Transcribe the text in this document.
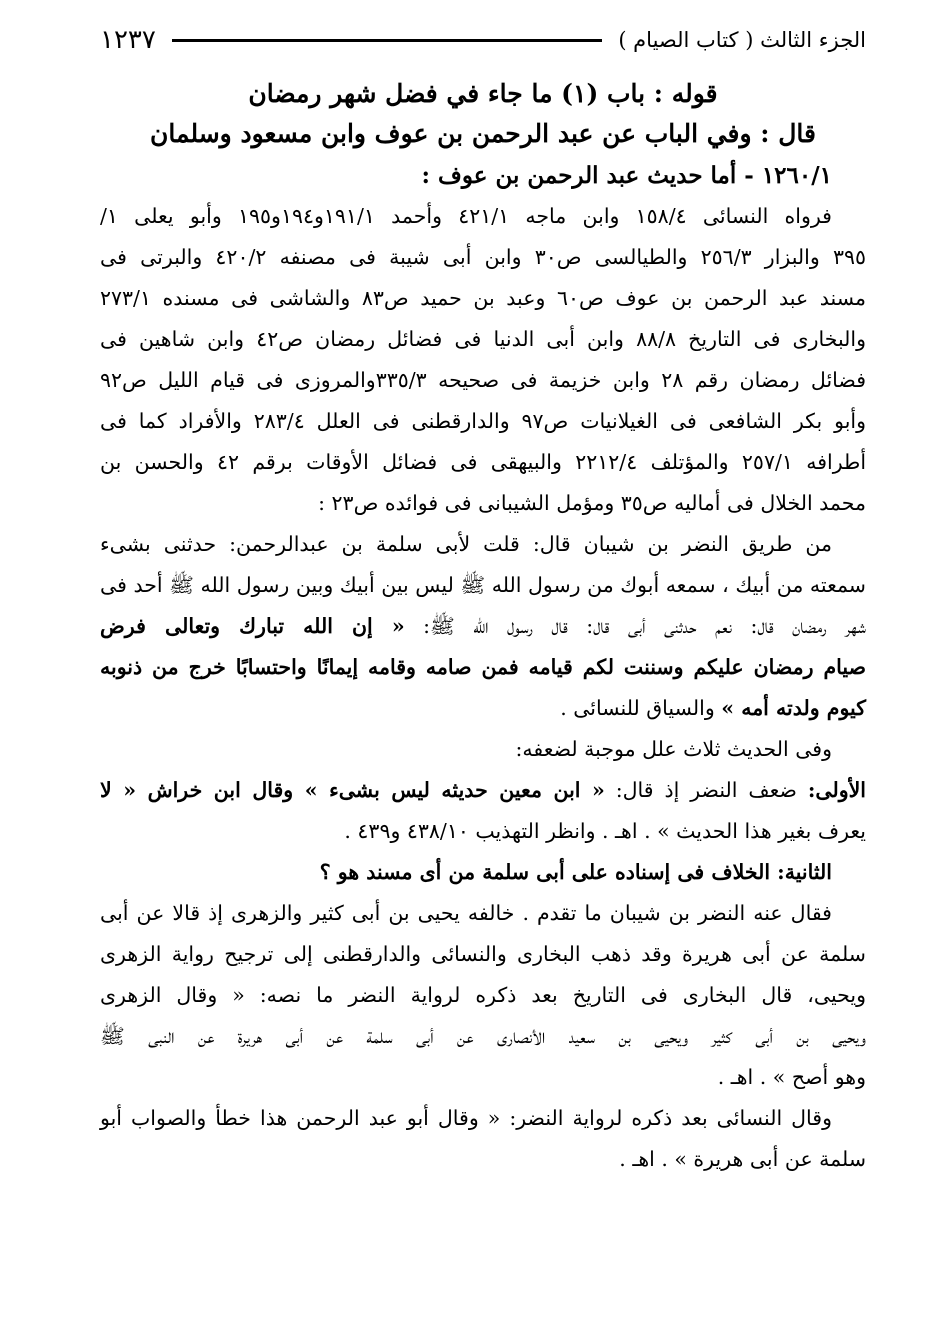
الجزء الثالث ( كتاب الصيام )
١٢٣٧

قوله : باب (١) ما جاء في فضل شهر رمضان

قال : وفي الباب عن عبد الرحمن بن عوف وابن مسعود وسلمان

١٢٦٠/١ - أما حديث عبد الرحمن بن عوف :

فرواه النسائى ١٥٨/٤ وابن ماجه ٤٢١/١ وأحمد ١٩١/١و١٩٤و١٩٥ وأبو يعلى ١/
٣٩٥ والبزار ٢٥٦/٣ والطيالسى ص٣٠ وابن أبى شيبة فى مصنفه ٤٢٠/٢ والبرتى فى
مسند عبد الرحمن بن عوف ص٦٠ وعبد بن حميد ص٨٣ والشاشى فى مسنده ٢٧٣/١
والبخارى فى التاريخ ٨٨/٨ وابن أبى الدنيا فى فضائل رمضان ص٤٢ وابن شاهين فى
فضائل رمضان رقم ٢٨ وابن خزيمة فى صحيحه ٣٣٥/٣والمروزى فى قيام الليل ص٩٢
وأبو بكر الشافعى فى الغيلانيات ص٩٧ والدارقطنى فى العلل ٢٨٣/٤ والأفراد كما فى
أطرافه ٢٥٧/١ والمؤتلف ٢٢١٢/٤ والبيهقى فى فضائل الأوقات برقم ٤٢ والحسن بن
محمد الخلال فى أماليه ص٣٥ ومؤمل الشيبانى فى فوائده ص٢٣ :
من طريق النضر بن شيبان قال: قلت لأبى سلمة بن عبدالرحمن: حدثنى بشىء
سمعته من أبيك ، سمعه أبوك من رسول الله ﷺ ليس بين أبيك وبين رسول الله ﷺ أحد فى
شهر رمضان قال: نعم حدثنى أبى قال: قال رسول الله ﷺ: « إن الله تبارك وتعالى فرض
صيام رمضان عليكم وسننت لكم قيامه فمن صامه وقامه إيمانًا واحتسابًا خرج من ذنوبه
كيوم ولدته أمه » والسياق للنسائى .
وفى الحديث ثلاث علل موجبة لضعفه:
الأولى: ضعف النضر إذ قال: « ابن معين حديثه ليس بشىء » وقال ابن خراش « لا
يعرف بغير هذا الحديث » . اهـ . وانظر التهذيب ٤٣٨/١٠ و٤٣٩ .
الثانية: الخلاف فى إسناده على أبى سلمة من أى مسند هو ؟
فقال عنه النضر بن شيبان ما تقدم . خالفه يحيى بن أبى كثير والزهرى إذ قالا عن أبى
سلمة عن أبى هريرة وقد ذهب البخارى والنسائى والدارقطنى إلى ترجيح رواية الزهرى
ويحيى، قال البخارى فى التاريخ بعد ذكره لرواية النضر ما نصه: « وقال الزهرى
ويحيى بن أبى كثير ويحيى بن سعيد الأنصارى عن أبى سلمة عن أبى هريرة عن النبى ﷺ
وهو أصح » . اهـ .
وقال النسائى بعد ذكره لرواية النضر: « وقال أبو عبد الرحمن هذا خطأ والصواب أبو
سلمة عن أبى هريرة » . اهـ .
